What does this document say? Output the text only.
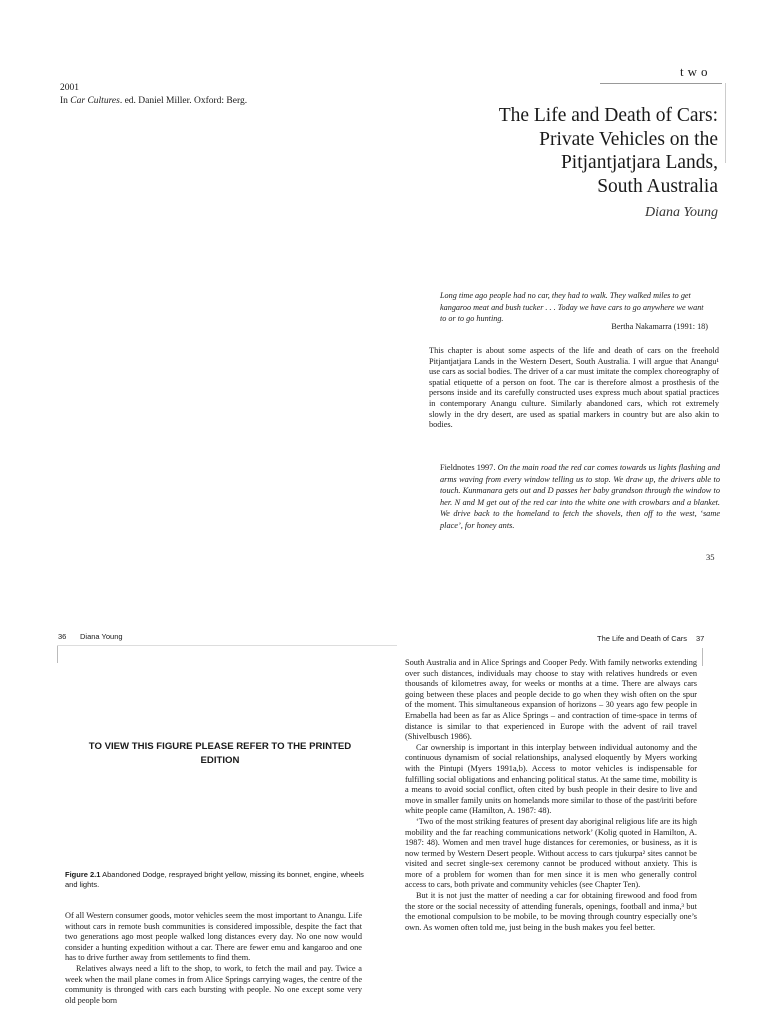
two
2001
In Car Cultures. ed. Daniel Miller. Oxford: Berg.
The Life and Death of Cars:
Private Vehicles on the
Pitjantjatjara Lands,
South Australia
Diana Young
Long time ago people had no car, they had to walk. They walked miles to get kangaroo meat and bush tucker . . . Today we have cars to go anywhere we want to or to go hunting.
Bertha Nakamarra (1991: 18)
This chapter is about some aspects of the life and death of cars on the freehold Pitjantjatjara Lands in the Western Desert, South Australia. I will argue that Anangu¹ use cars as social bodies. The driver of a car must imitate the complex choreography of spatial etiquette of a person on foot. The car is therefore almost a prosthesis of the persons inside and its carefully constructed uses express much about spatial practices in contemporary Anangu culture. Similarly abandoned cars, which rot extremely slowly in the dry desert, are used as spatial markers in country but are also akin to bodies.
Fieldnotes 1997. On the main road the red car comes towards us lights flashing and arms waving from every window telling us to stop. We draw up, the drivers able to touch. Kunmanara gets out and D passes her baby grandson through the window to her. N and M get out of the red car into the white one with crowbars and a blanket. We drive back to the homeland to fetch the shovels, then off to the west, ‘same place’, for honey ants.
35
36 Diana Young	The Life and Death of Cars 37
TO VIEW THIS FIGURE PLEASE REFER TO THE PRINTED EDITION
Figure 2.1 Abandoned Dodge, resprayed bright yellow, missing its bonnet, engine, wheels and lights.

Of all Western consumer goods, motor vehicles seem the most important to Anangu. Life without cars in remote bush communities is considered impossible, despite the fact that two generations ago most people walked long distances every day. No one now would consider a hunting expedition without a car. There are fewer emu and kangaroo and one has to drive further away from settlements to find them.

Relatives always need a lift to the shop, to work, to fetch the mail and pay. Twice a week when the mail plane comes in from Alice Springs carrying wages, the centre of the community is thronged with cars each bursting with people. No one except some very old people born

South Australia and in Alice Springs and Cooper Pedy. With family networks extending over such distances, individuals may choose to stay with relatives hundreds or even thousands of kilometres away, for weeks or months at a time. There are always cars going between these places and people decide to go when they wish often on the spur of the moment. This simultaneous expansion of horizons – 30 years ago few people in Ernabella had been as far as Alice Springs – and contraction of time-space in terms of distance is similar to that experienced in Europe with the advent of rail travel (Shivelbusch 1986).

Car ownership is important in this interplay between individual autonomy and the continuous dynamism of social relationships, analysed eloquently by Myers working with the Pintupi (Myers 1991a,b). Access to motor vehicles is indispensable for fulfilling social obligations and enhancing political status. At the same time, mobility is a means to avoid social conflict, often cited by bush people in their desire to live and move in smaller family units on homelands more similar to those of the past/iriti before white people came (Hamilton, A. 1987: 48).

‘Two of the most striking features of present day aboriginal religious life are its high mobility and the far reaching communications network’ (Kolig quoted in Hamilton, A. 1987: 48). Women and men travel huge distances for ceremonies, or business, as it is now termed by Western Desert people. Without access to cars tjukurpa² sites cannot be visited and secret single-sex ceremony cannot be produced without anxiety. This is more of a problem for women than for men since it is men who generally control access to cars, both private and community vehicles (see Chapter Ten).

But it is not just the matter of needing a car for obtaining firewood and food from the store or the social necessity of attending funerals, openings, football and inma,³ but the emotional compulsion to be mobile, to be moving through country especially one’s own. As women often told me, just being in the bush makes you feel better.
